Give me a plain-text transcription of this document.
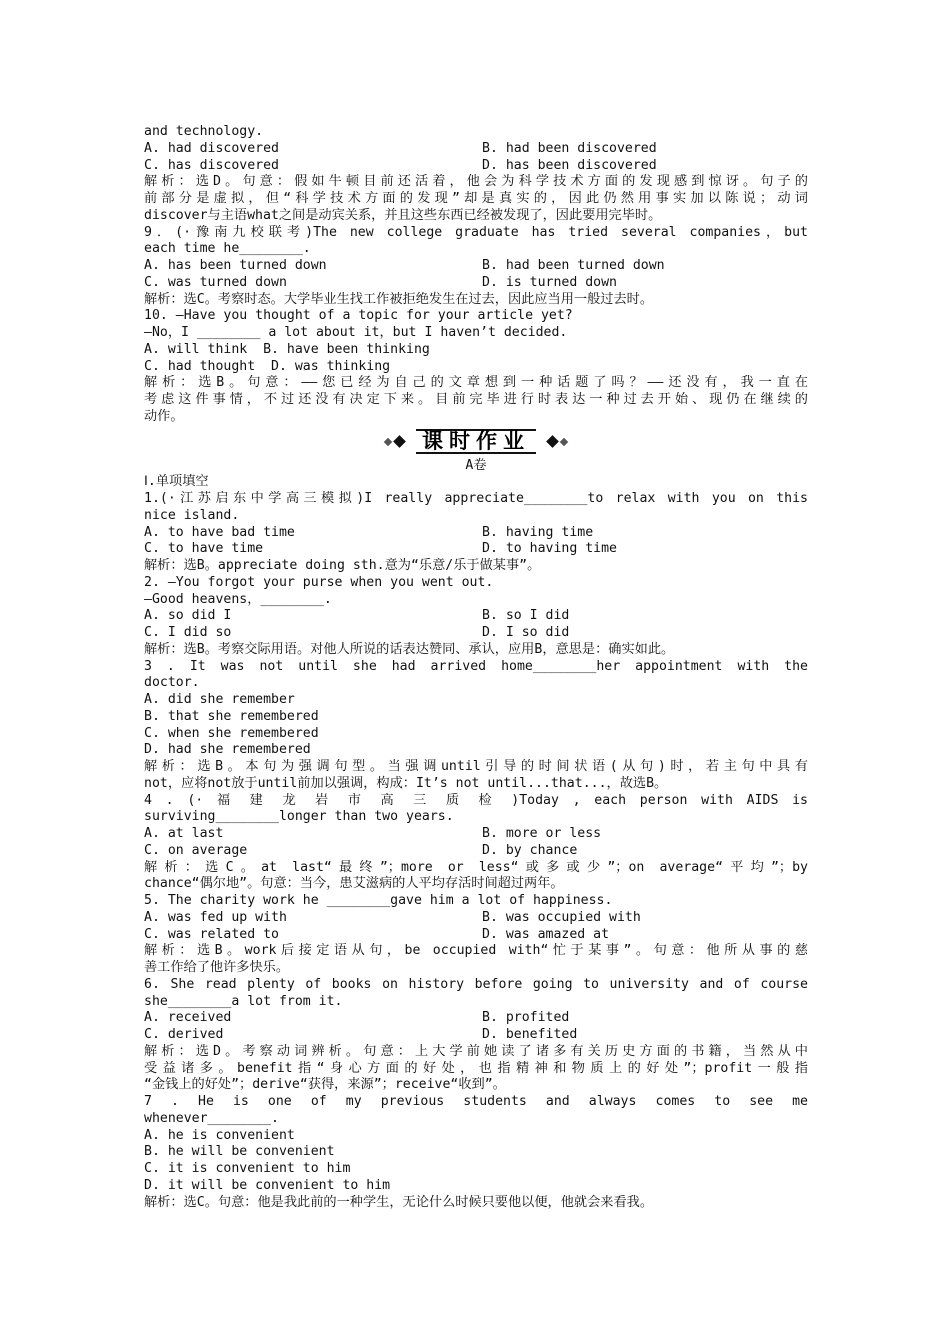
and technology.
A. had discovered	B. had been discovered
C. has discovered	D. has been discovered
解析：选D。句意：假如牛顿目前还活着，他会为科学技术方面的发现感到惊讶。句子的
前部分是虚拟，但“科学技术方面的发现”却是真实的，因此仍然用事实加以陈说；动词
discover与主语what之间是动宾关系，并且这些东西已经被发现了，因此要用完毕时。
9．(·豫南九校联考)The new college graduate has tried several companies，but
each time he________.
A. has been turned down	B. had been turned down
C. was turned down	D. is turned down
解析：选C。考察时态。大学毕业生找工作被拒绝发生在过去，因此应当用一般过去时。
10. —Have you thought of a topic for your article yet?
—No，I ________ a lot about it，but I haven’t decided.
A. will think  B. have been thinking
C. had thought  D. was thinking
解析：选B。句意：——您已经为自己的文章想到一种话题了吗？——还没有，我一直在
考虑这件事情，不过还没有决定下来。目前完毕进行时表达一种过去开始、现仍在继续的
动作。
课时作业
A卷
Ⅰ.单项填空
1.(·江苏启东中学高三模拟)I really appreciate________to relax with you on this
nice island.
A. to have bad time	B. having time
C. to have time	D. to having time
解析：选B。appreciate doing sth.意为“乐意/乐于做某事”。
2. —You forgot your purse when you went out.
—Good heavens，________.
A. so did I	B. so I did
C. I did so	D. I so did
解析：选B。考察交际用语。对他人所说的话表达赞同、承认，应用B，意思是：确实如此。
3 . It was not until she had arrived home________her appointment with the
doctor.
A. did she remember
B. that she remembered
C. when she remembered
D. had she remembered
解析：选B。本句为强调句型。当强调until引导的时间状语(从句)时，若主句中具有
not，应将not放于until前加以强调，构成：It’s not until...that...，故选B。
4 . (· 福 建 龙 岩 市 高 三 质 检 )Today , each person with AIDS is
surviving________longer than two years.
A. at last	B. more or less
C. on average	D. by chance
解析：选C。at last“最终”；more or less“或多或少”；on average“平均”；by
chance“偶尔地”。句意：当今，患艾滋病的人平均存活时间超过两年。
5. The charity work he ________gave him a lot of happiness.
A. was fed up with	B. was occupied with
C. was related to	D. was amazed at
解析：选B。work后接定语从句，be occupied with“忙于某事”。句意：他所从事的慈
善工作给了他许多快乐。
6. She read plenty of books on history before going to university and of course
she________a lot from it.
A. received	B. profited
C. derived	D. benefited
解析：选D。考察动词辨析。句意：上大学前她读了诸多有关历史方面的书籍，当然从中
受益诸多。benefit指“身心方面的好处，也指精神和物质上的好处”；profit一般指
“金钱上的好处”；derive“获得，来源”；receive“收到”。
7 . He is one of my previous students and always comes to see me
whenever________.
A. he is convenient
B. he will be convenient
C. it is convenient to him
D. it will be convenient to him
解析：选C。句意：他是我此前的一种学生，无论什么时候只要他以便，他就会来看我。
